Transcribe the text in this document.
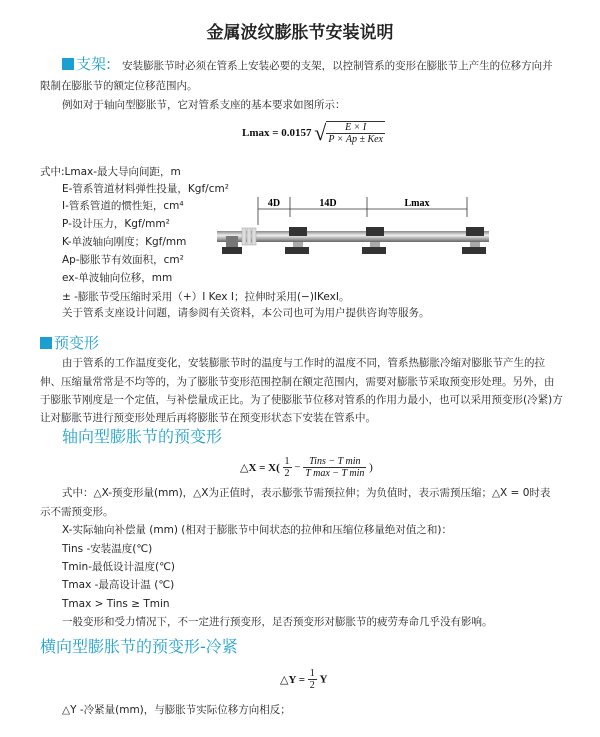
金属波纹膨胀节安装说明
支架: 安装膨胀节时必须在管系上安装必要的支架，以控制管系的变形在膨胀节上产生的位移方向并
限制在膨胀节的额定位移范围内。
例如对于轴向型膨胀节，它对管系支座的基本要求如图所示：
Lmax = 0.0157 √ $\frac{E \times I}{\text{P × Ap ± Kex}}$
式中:Lmax-最大导向间距，m
E-管系管道材料弹性投量，Kgf/cm²
I-管系管道的惯性矩，cm⁴
P-设计压力，Kgf/mm²
K-单波轴向刚度；Kgf/mm
Ap-膨胀节有效面积，cm²
ex-单波轴向位移，mm
± -膨胀节受压缩时采用（+）I Kex I；拉伸时采用(−)IKexI。
关于管系支座设计问题，请参阅有关资料，本公司也可为用户提供咨询等服务。
4D	14D	Lmax
预变形
由于管系的工作温度变化，安装膨胀节时的温度与工作时的温度不同，管系热膨胀冷缩对膨胀节产生的拉
伸、压缩量常常是不均等的，为了膨胀节变形范围控制在额定范围内，需要对膨胀节采取预变形处理。另外，由
于膨胀节刚度是一个定值，与补偿量成正比。为了使膨胀节位移对管系的作用力最小，也可以采用预变形(冷紧)方
让对膨胀节进行预变形处理后再将膨胀节在预变形状态下安装在管系中。
轴向型膨胀节的预变形
△X = $X( \frac{1}{2} - \frac{\text{Tins − T min}}{\text{T max − T min}}$ )
式中：△X-预变形量(mm)，△X为正值时，表示膨张节需预拉伸；为负值时，表示需预压缩；△X = 0时表
示不需预变形。
X-实际轴向补偿量 (mm) (相对于膨胀节中间状态的拉伸和压缩位移量绝对值之和)：
Tins -安装温度(℃)
Tmin-最低设计温度(℃)
Tmax -最高设计温 (℃)
Tmax > Tins ≥ Tmin
一般变形和受力情况下，不一定进行预变形，足否预变形对膨胀节的疲劳寿命几乎没有影响。
横向型膨胀节的预变形-冷紧
△Y = $\frac{1}{2}$ Y
△Y -冷紧量(mm)，与膨胀节实际位移方向相反；
